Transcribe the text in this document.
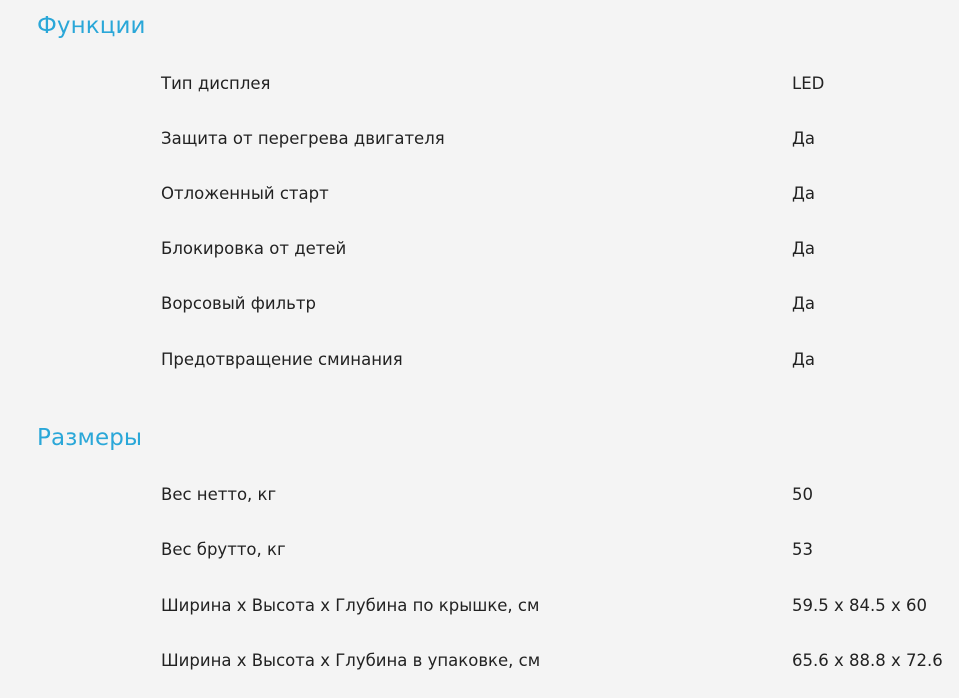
Функции
Тип дисплея	LED
Защита от перегрева двигателя	Да
Отложенный старт	Да
Блокировка от детей	Да
Ворсовый фильтр	Да
Предотвращение сминания	Да
Размеры
Вес нетто, кг	50
Вес брутто, кг	53
Ширина x Высота x Глубина по крышке, см	59.5 x 84.5 x 60
Ширина x Высота x Глубина в упаковке, см	65.6 x 88.8 x 72.6
